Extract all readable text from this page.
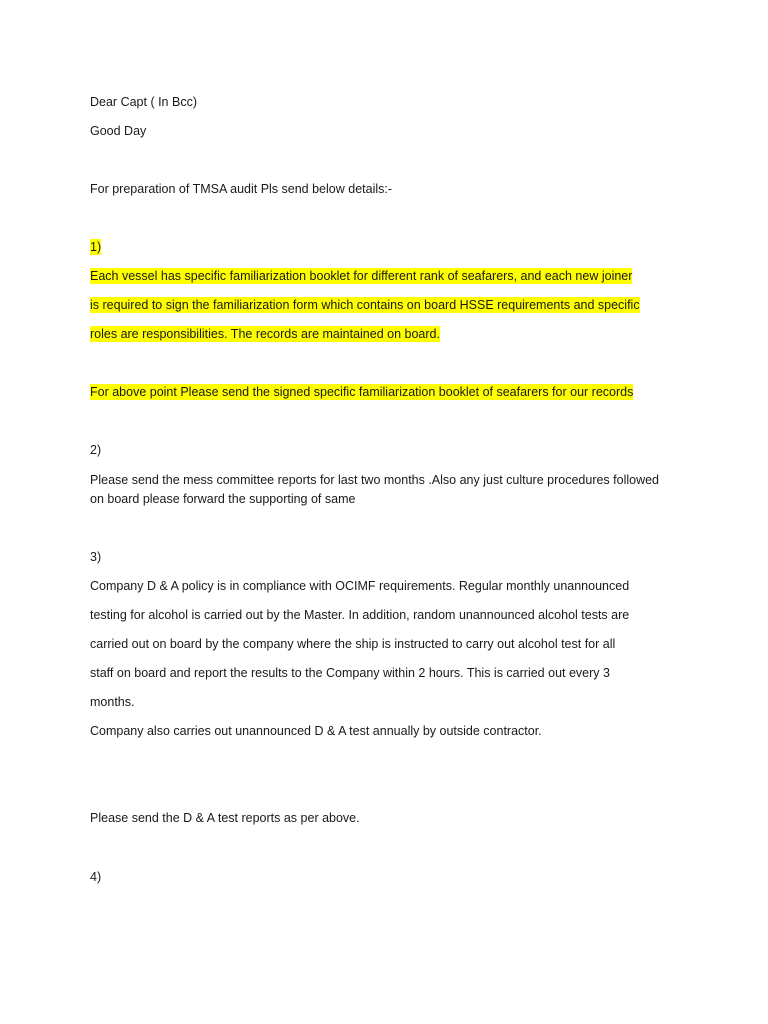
Dear Capt ( In Bcc)
Good Day
For preparation of TMSA audit Pls send below details:-
1)
Each vessel has specific familiarization booklet for different rank of seafarers, and each new joiner
is required to sign the familiarization form which contains on board HSSE requirements and specific
roles are responsibilities. The records are maintained on board.
For above point Please send the signed specific familiarization booklet of seafarers for our records
2)
Please send the mess committee reports for last two months .Also any just culture procedures followed
on board please forward the supporting of same
3)
Company D & A policy is in compliance with OCIMF requirements. Regular monthly unannounced
testing for alcohol is carried out by the Master. In addition, random unannounced alcohol tests are
carried out on board by the company where the ship is instructed to carry out alcohol test for all
staff on board and report the results to the Company within 2 hours. This is carried out every 3
months.
Company also carries out unannounced D & A test annually by outside contractor.
Please send the D & A test reports as per above.
4)
